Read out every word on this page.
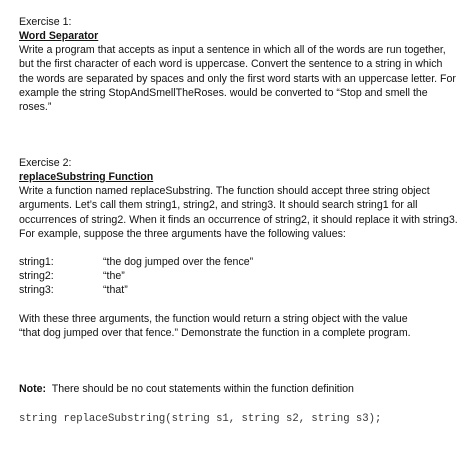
Exercise 1:
Word Separator
Write a program that accepts as input a sentence in which all of the words are run together,
but the first character of each word is uppercase. Convert the sentence to a string in which
the words are separated by spaces and only the first word starts with an uppercase letter. For
example the string StopAndSmellTheRoses. would be converted to “Stop and smell the
roses.”
Exercise 2:
replaceSubstring Function
Write a function named replaceSubstring. The function should accept three string object
arguments. Let’s call them string1, string2, and string3. It should search string1 for all
occurrences of string2. When it finds an occurrence of string2, it should replace it with string3.
For example, suppose the three arguments have the following values:
string1:	“the dog jumped over the fence”
string2:	“the”
string3:	“that”
With these three arguments, the function would return a string object with the value
“that dog jumped over that fence.” Demonstrate the function in a complete program.
Note:  There should be no cout statements within the function definition
string replaceSubstring(string s1, string s2, string s3);
